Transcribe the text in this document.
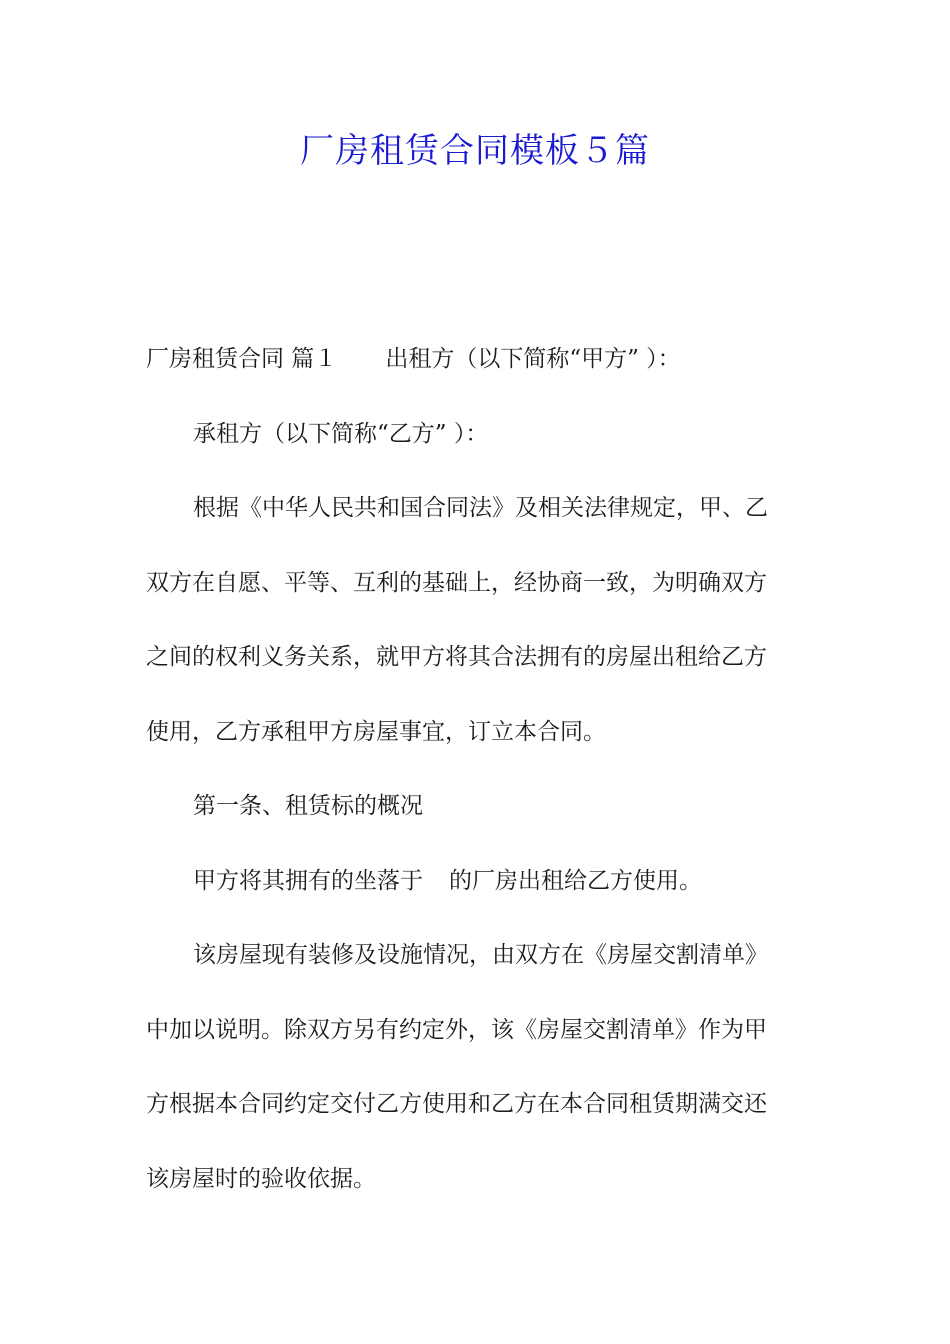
厂房租赁合同模板５篇
厂房租赁合同 篇１ 出租方（以下简称“甲方” ）：
承租方（以下简称“乙方” ）：
根据《中华人民共和国合同法》及相关法律规定，甲、乙
双方在自愿、平等、互利的基础上，经协商一致，为明确双方
之间的权利义务关系，就甲方将其合法拥有的房屋出租给乙方
使用，乙方承租甲方房屋事宜，订立本合同。
第一条、租赁标的概况
甲方将其拥有的坐落于 的厂房出租给乙方使用。
该房屋现有装修及设施情况，由双方在《房屋交割清单》
中加以说明。除双方另有约定外，该《房屋交割清单》作为甲
方根据本合同约定交付乙方使用和乙方在本合同租赁期满交还
该房屋时的验收依据。
